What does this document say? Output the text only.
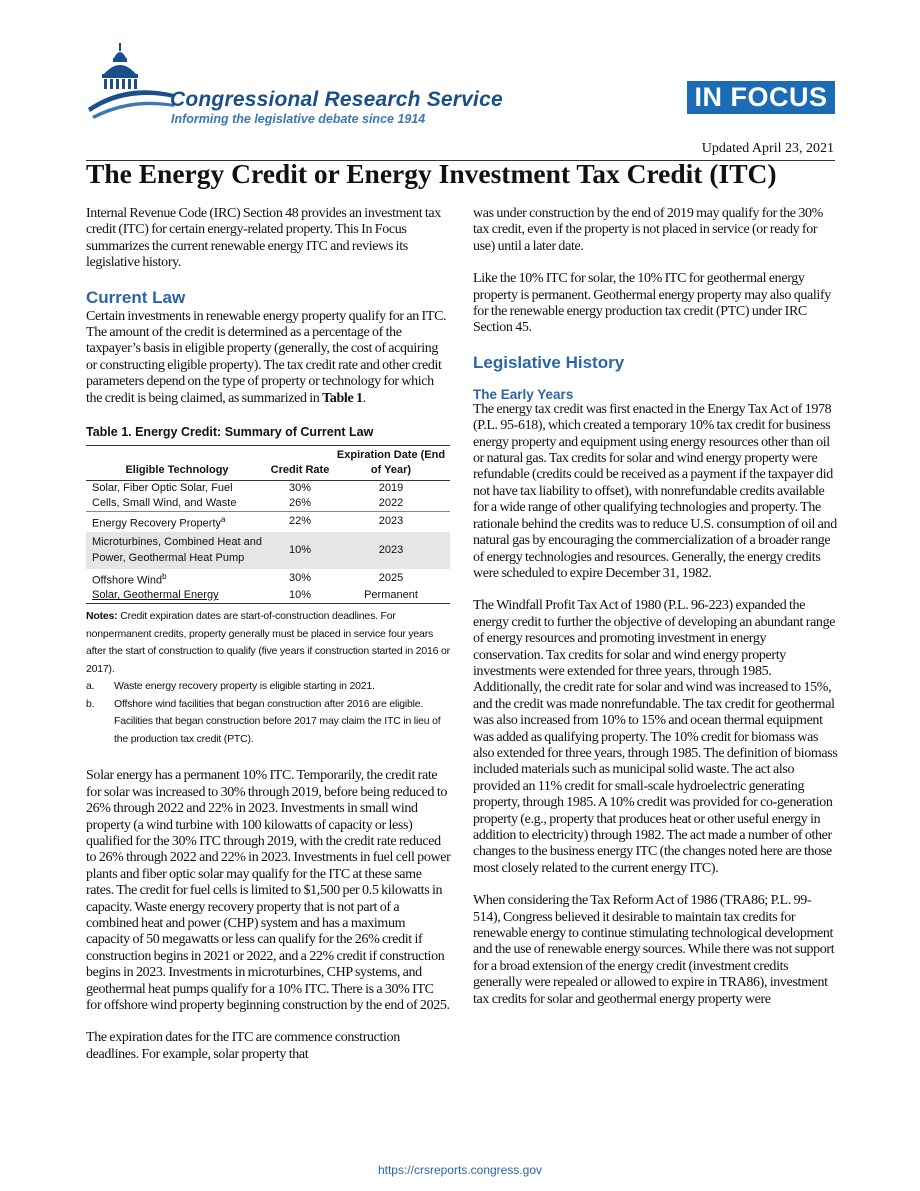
Congressional Research Service
Informing the legislative debate since 1914
IN FOCUS
Updated April 23, 2021
The Energy Credit or Energy Investment Tax Credit (ITC)

Internal Revenue Code (IRC) Section 48 provides an investment tax credit (ITC) for certain energy-related property. This In Focus summarizes the current renewable energy ITC and reviews its legislative history.

Current Law

Certain investments in renewable energy property qualify for an ITC. The amount of the credit is determined as a percentage of the taxpayer’s basis in eligible property (generally, the cost of acquiring or constructing eligible property). The tax credit rate and other credit parameters depend on the type of property or technology for which the credit is being claimed, as summarized in Table 1.

Table 1. Energy Credit: Summary of Current Law
Eligible Technology	Credit Rate	Expiration Date (End of Year)
Solar, Fiber Optic Solar, Fuel	30%	2019
Cells, Small Wind, and Waste	26%	2022
Energy Recovery Property$^a$	22%	2023
Microturbines, Combined Heat and Power, Geothermal Heat Pump	10%	2023
Offshore Wind$^b$	30%	2025
Solar, Geothermal Energy	10%	Permanent

Notes: Credit expiration dates are start-of-construction deadlines. For nonpermanent credits, property generally must be placed in service four years after the start of construction to qualify (five years if construction started in 2016 or 2017).

a.	Waste energy recovery property is eligible starting in 2021.
b.	Offshore wind facilities that began construction after 2016 are eligible. Facilities that began construction before 2017 may claim the ITC in lieu of the production tax credit (PTC).

Solar energy has a permanent 10% ITC. Temporarily, the credit rate for solar was increased to 30% through 2019, before being reduced to 26% through 2022 and 22% in 2023. Investments in small wind property (a wind turbine with 100 kilowatts of capacity or less) qualified for the 30% ITC through 2019, with the credit rate reduced to 26% through 2022 and 22% in 2023. Investments in fuel cell power plants and fiber optic solar may qualify for the ITC at these same rates. The credit for fuel cells is limited to $1,500 per 0.5 kilowatts in capacity. Waste energy recovery property that is not part of a combined heat and power (CHP) system and has a maximum capacity of 50 megawatts or less can qualify for the 26% credit if construction begins in 2021 or 2022, and a 22% credit if construction begins in 2023. Investments in microturbines, CHP systems, and geothermal heat pumps qualify for a 10% ITC. There is a 30% ITC for offshore wind property beginning construction by the end of 2025.

The expiration dates for the ITC are commence construction deadlines. For example, solar property that

was under construction by the end of 2019 may qualify for the 30% tax credit, even if the property is not placed in service (or ready for use) until a later date.

Like the 10% ITC for solar, the 10% ITC for geothermal energy property is permanent. Geothermal energy property may also qualify for the renewable energy production tax credit (PTC) under IRC Section 45.

Legislative History
The Early Years

The energy tax credit was first enacted in the Energy Tax Act of 1978 (P.L. 95-618), which created a temporary 10% tax credit for business energy property and equipment using energy resources other than oil or natural gas. Tax credits for solar and wind energy property were refundable (credits could be received as a payment if the taxpayer did not have tax liability to offset), with nonrefundable credits available for a wide range of other qualifying technologies and property. The rationale behind the credits was to reduce U.S. consumption of oil and natural gas by encouraging the commercialization of a broader range of energy technologies and resources. Generally, the energy credits were scheduled to expire December 31, 1982.

The Windfall Profit Tax Act of 1980 (P.L. 96-223) expanded the energy credit to further the objective of developing an abundant range of energy resources and promoting investment in energy conservation. Tax credits for solar and wind energy property investments were extended for three years, through 1985. Additionally, the credit rate for solar and wind was increased to 15%, and the credit was made nonrefundable. The tax credit for geothermal was also increased from 10% to 15% and ocean thermal equipment was added as qualifying property. The 10% credit for biomass was also extended for three years, through 1985. The definition of biomass included materials such as municipal solid waste. The act also provided an 11% credit for small-scale hydroelectric generating property, through 1985. A 10% credit was provided for co-generation property (e.g., property that produces heat or other useful energy in addition to electricity) through 1982. The act made a number of other changes to the business energy ITC (the changes noted here are those most closely related to the current energy ITC).

When considering the Tax Reform Act of 1986 (TRA86; P.L. 99-514), Congress believed it desirable to maintain tax credits for renewable energy to continue stimulating technological development and the use of renewable energy sources. While there was not support for a broad extension of the energy credit (investment credits generally were repealed or allowed to expire in TRA86), investment tax credits for solar and geothermal energy property were

https://crsreports.congress.gov
